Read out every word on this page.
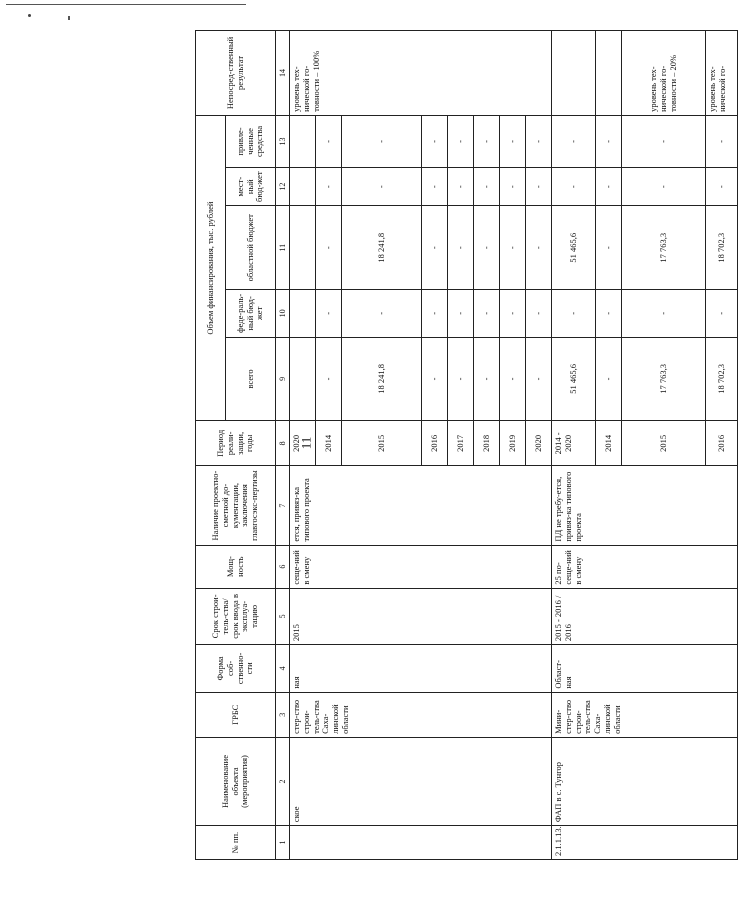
11
№ пп.	Наименование объекта (мероприятия)	ГРБС	Форма соб-ственно-сти	Срок строи-тель-ства/срок ввода в эксплуа-тацию	Мощ-ность	Наличие проектно-сметной до-кументации, заключения главгосэкс-пертизы	Период реали-зации, годы	Объем финансирования, тыс. рублей					Непосред-ственный результат
								всего	феде-раль-ный бюд-жет	областной бюджет	мест-ный бюд-жет	привле-ченные средства	
1	2	3	4	5	6	7	8	9	10	11	12	13	14
	ское	стер-ство строи-тель-ства Саха-линской области	ная	2015	сеще-ний в смену	ется, привяз-ка типового проекта	2020						уровень тех-нической го-товности – 100%
							2014	-	-	-	-	-	
							2015	18 241,8	-	18 241,8	-	-	
							2016	-	-	-	-	-	
							2017	-	-	-	-	-	
							2018	-	-	-	-	-	
							2019	-	-	-	-	-	
							2020	-	-	-	-	-	
2.1.1.13.	ФАП в с. Тунгор	Мини-стер-ство строи-тель-ства Саха-линской области	Област-ная	2015 - 2016 / 2016	25 по-сеще-ний в смену	ПД не требу-ется, привяз-ка типового проекта	2014 - 2020	51 465,6	-	51 465,6	-	-	
							2014	-	-	-	-	-	
							2015	17 763,3	-	17 763,3	-	-	уровень тех-нической го-товности – 20%
							2016	18 702,3	-	18 702,3	-	-	уровень тех-нической го-
